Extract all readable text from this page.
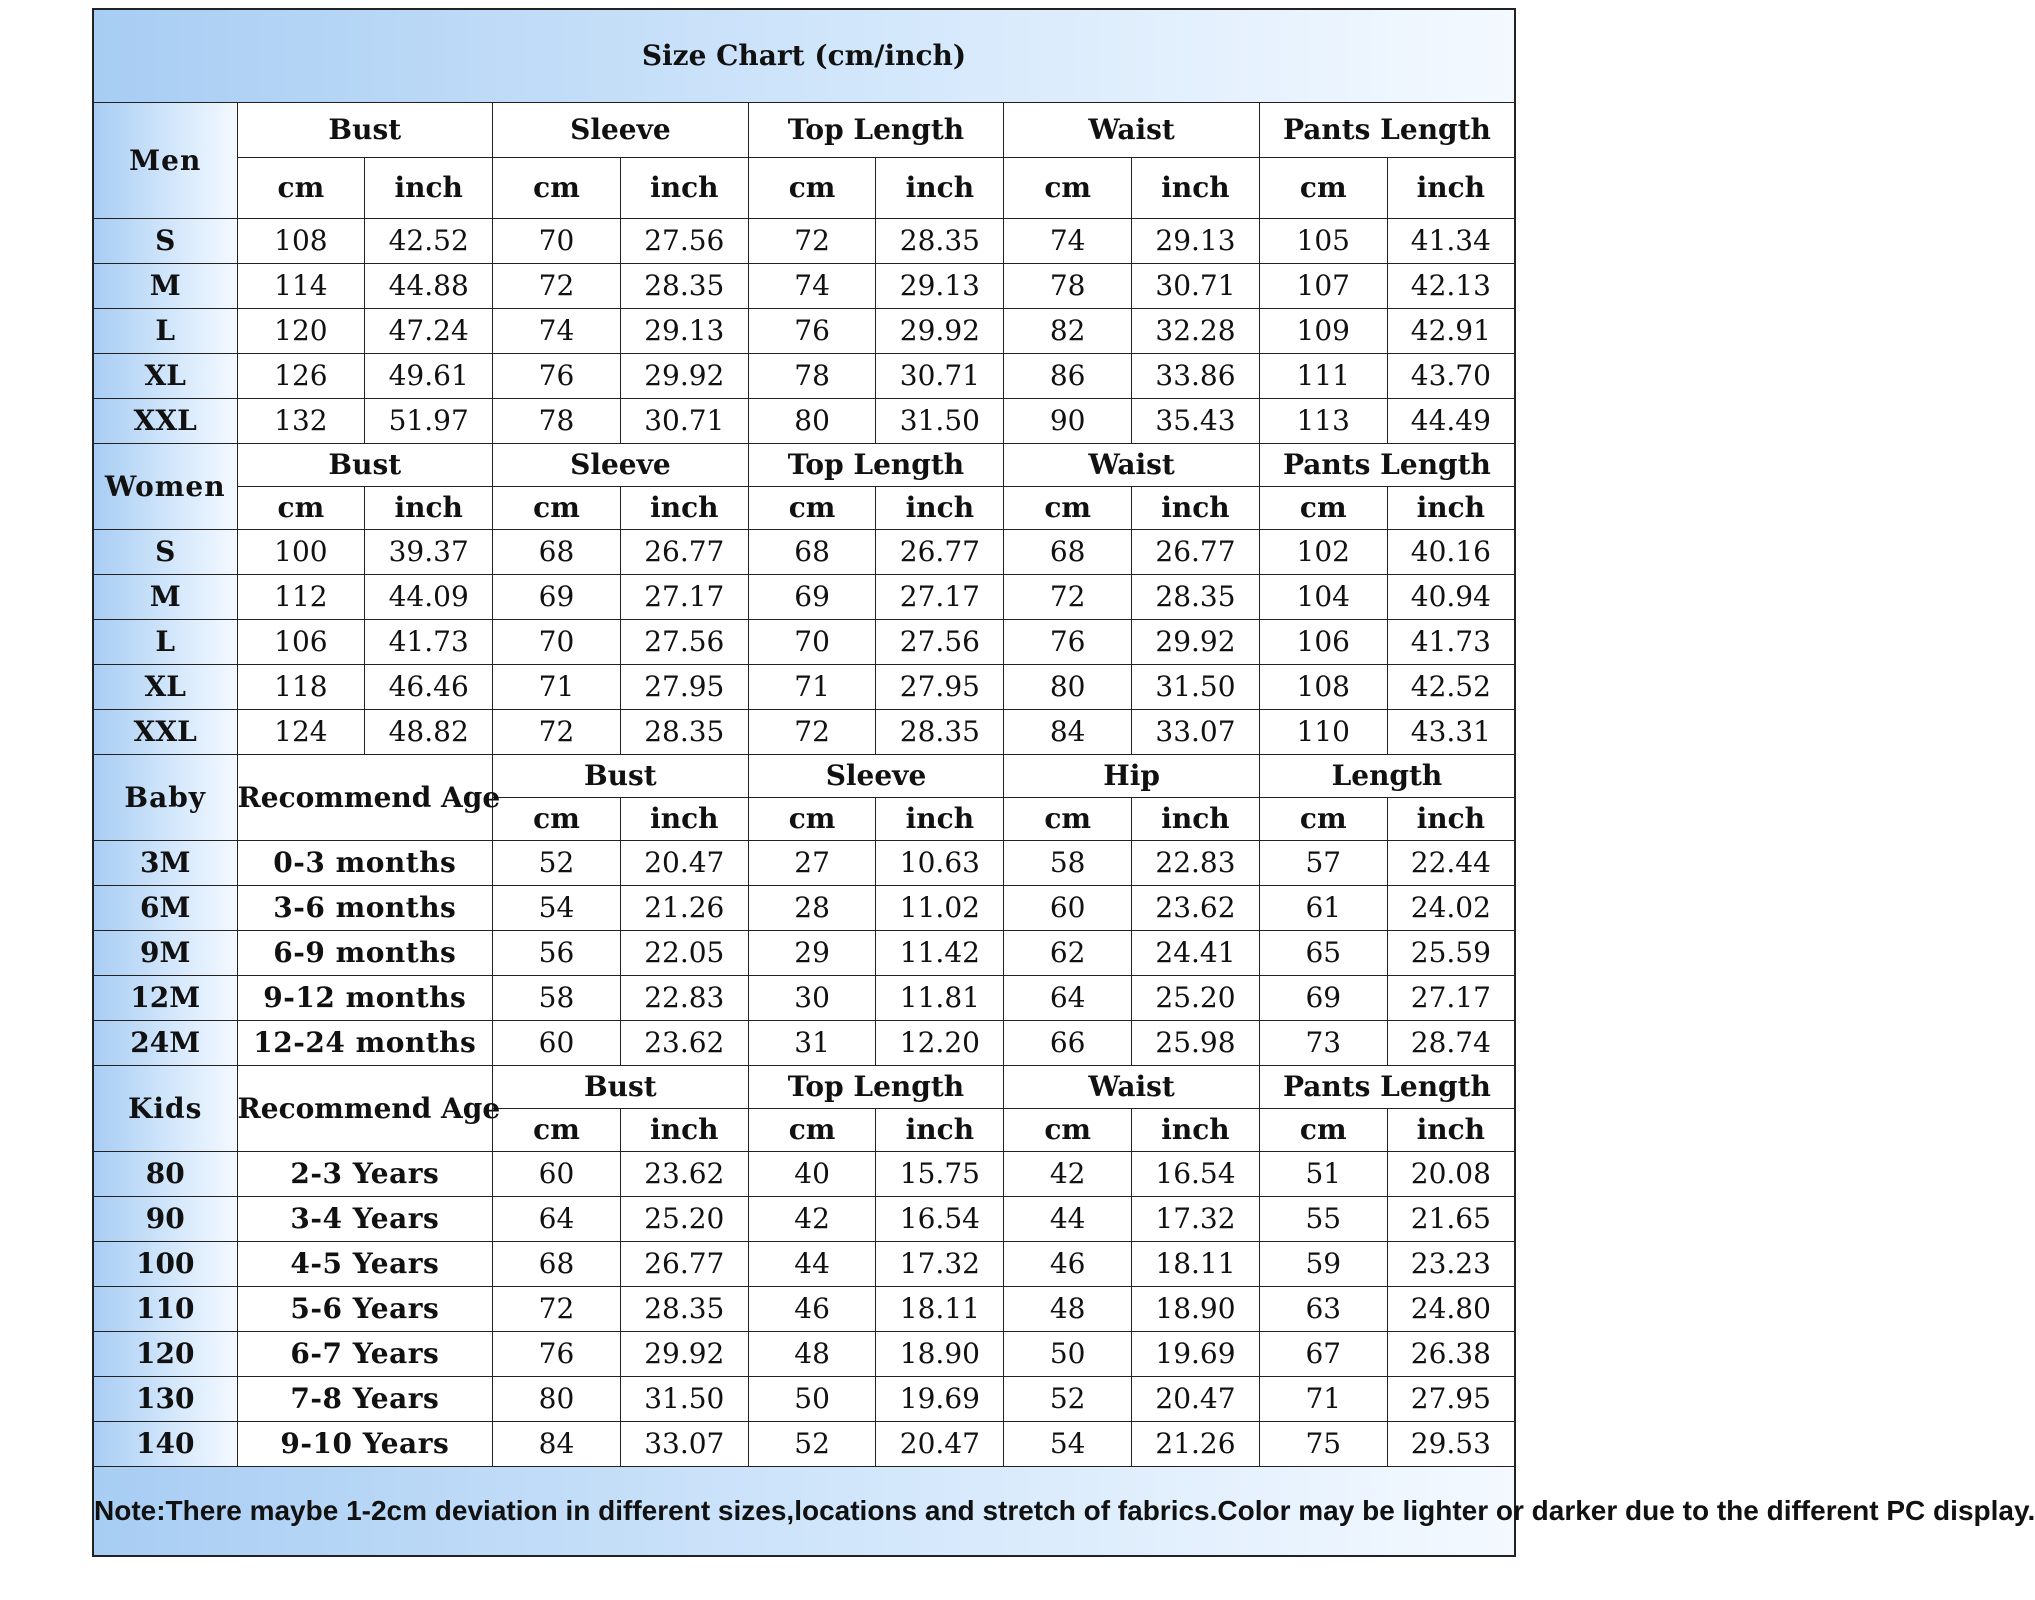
Size Chart (cm/inch)										
Men	Bust		Sleeve		Top Length		Waist		Pants Length	
	cm	inch	cm	inch	cm	inch	cm	inch	cm	inch
S	108	42.52	70	27.56	72	28.35	74	29.13	105	41.34
M	114	44.88	72	28.35	74	29.13	78	30.71	107	42.13
L	120	47.24	74	29.13	76	29.92	82	32.28	109	42.91
XL	126	49.61	76	29.92	78	30.71	86	33.86	111	43.70
XXL	132	51.97	78	30.71	80	31.50	90	35.43	113	44.49
Women	Bust		Sleeve		Top Length		Waist		Pants Length	
	cm	inch	cm	inch	cm	inch	cm	inch	cm	inch
S	100	39.37	68	26.77	68	26.77	68	26.77	102	40.16
M	112	44.09	69	27.17	69	27.17	72	28.35	104	40.94
L	106	41.73	70	27.56	70	27.56	76	29.92	106	41.73
XL	118	46.46	71	27.95	71	27.95	80	31.50	108	42.52
XXL	124	48.82	72	28.35	72	28.35	84	33.07	110	43.31
Baby	Recommend Age		Bust		Sleeve		Hip		Length	
			cm	inch	cm	inch	cm	inch	cm	inch
3M	0-3 months		52	20.47	27	10.63	58	22.83	57	22.44
6M	3-6 months		54	21.26	28	11.02	60	23.62	61	24.02
9M	6-9 months		56	22.05	29	11.42	62	24.41	65	25.59
12M	9-12 months		58	22.83	30	11.81	64	25.20	69	27.17
24M	12-24 months		60	23.62	31	12.20	66	25.98	73	28.74
Kids	Recommend Age		Bust		Top Length		Waist		Pants Length	
			cm	inch	cm	inch	cm	inch	cm	inch
80	2-3 Years		60	23.62	40	15.75	42	16.54	51	20.08
90	3-4 Years		64	25.20	42	16.54	44	17.32	55	21.65
100	4-5 Years		68	26.77	44	17.32	46	18.11	59	23.23
110	5-6 Years		72	28.35	46	18.11	48	18.90	63	24.80
120	6-7 Years		76	29.92	48	18.90	50	19.69	67	26.38
130	7-8 Years		80	31.50	50	19.69	52	20.47	71	27.95
140	9-10 Years		84	33.07	52	20.47	54	21.26	75	29.53
Note:There maybe 1-2cm deviation in different sizes,locations and stretch of fabrics.Color may be lighter or darker due to the different PC display.										
